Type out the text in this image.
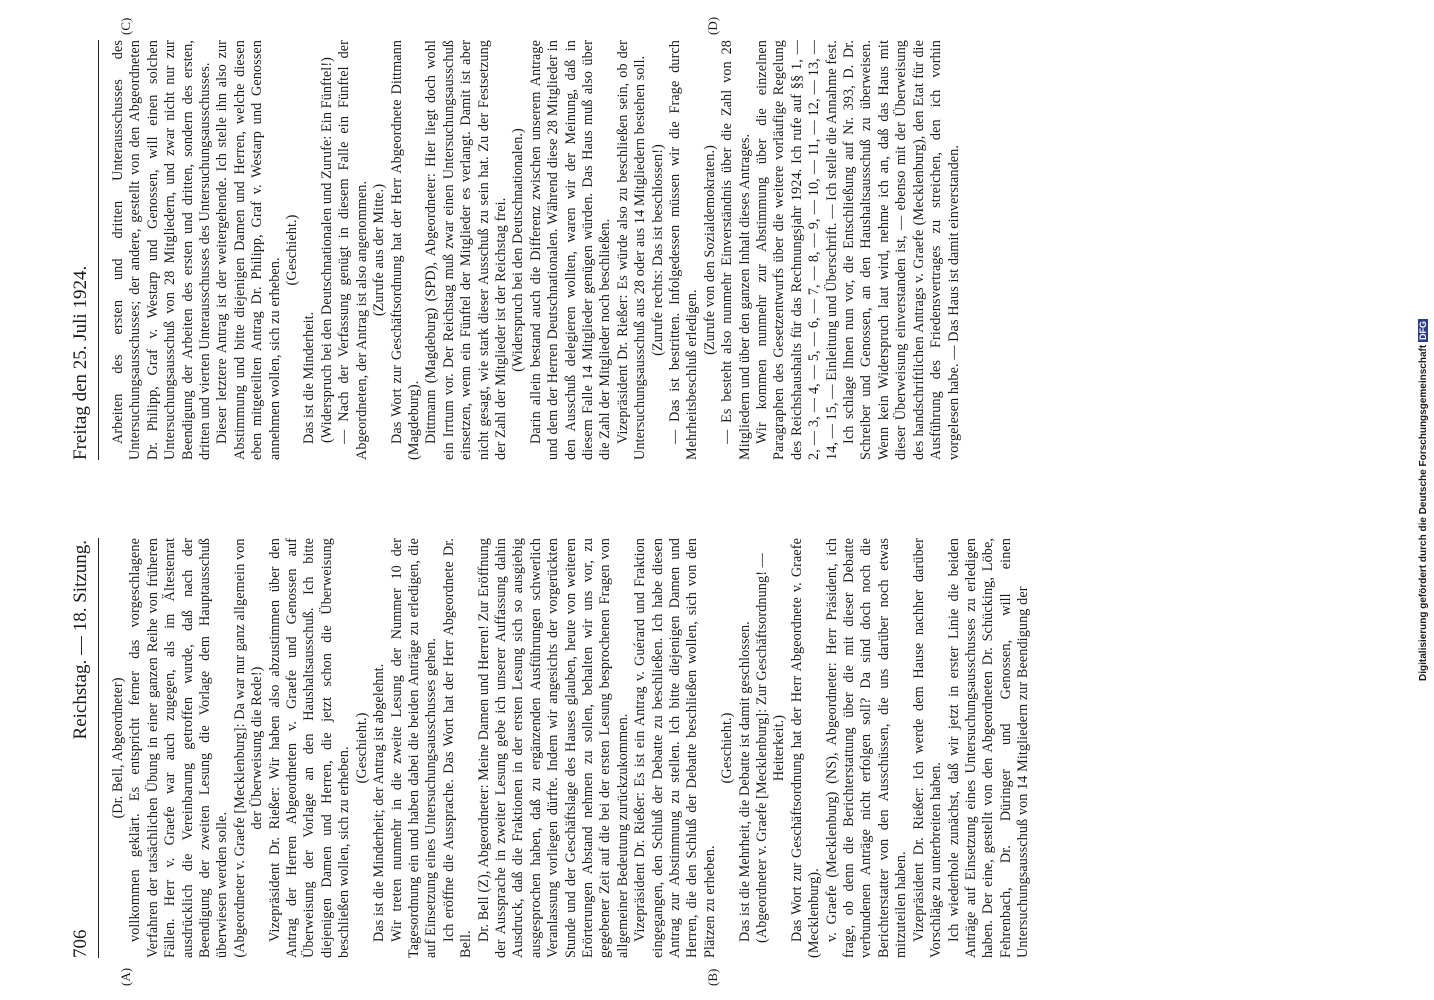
706
Reichstag. — 18. Sitzung.
Freitag den 25. Juli 1924.
(A)	(B)
(C)	(D)

(Dr. Bell, Abgeordneter) vollkommen geklärt. Es entspricht ferner das vorgeschlagene Verfahren der tatsächlichen Übung in einer ganzen Reihe von früheren Fällen. Herr v. Graefe war auch zugegen, als im Ältestenrat ausdrücklich die Vereinbarung getroffen wurde, daß nach der Beendigung der zweiten Lesung die Vorlage dem Hauptausschuß überwiesen werden solle. (Abgeordneter v. Graefe [Mecklenburg]: Da war nur ganz allgemein von der Überweisung die Rede!) Vizepräsident Dr. Rießer: Wir haben also abzustimmen über den Antrag der Herren Abgeordneten v. Graefe und Genossen auf Überweisung der Vorlage an den Haushaltsausschuß. Ich bitte diejenigen Damen und Herren, die jetzt schon die Überweisung beschließen wollen, sich zu erheben. (Geschieht.) Das ist die Minderheit; der Antrag ist abgelehnt. Wir treten nunmehr in die zweite Lesung der Nummer 10 der Tagesordnung ein und haben dabei die beiden Anträge zu erledigen, die auf Einsetzung eines Untersuchungsausschusses gehen. Ich eröffne die Aussprache. Das Wort hat der Herr Abgeordnete Dr. Bell.

Dr. Bell (Z), Abgeordneter: Meine Damen und Herren! Zur Eröffnung der Aussprache in zweiter Lesung gebe ich unserer Auffassung dahin Ausdruck, daß die Fraktionen in der ersten Lesung sich so ausgiebig ausgesprochen haben, daß zu ergänzenden Ausführungen schwerlich Veranlassung vorliegen dürfte. Indem wir angesichts der vorgerückten Stunde und der Geschäftslage des Hauses glauben, heute von weiteren Erörterungen Abstand nehmen zu sollen, behalten wir uns vor, zu gegebener Zeit auf die bei der ersten Lesung besprochenen Fragen von allgemeiner Bedeutung zurückzukommen. Vizepräsident Dr. Rießer: Es ist ein Antrag v. Guérard und Fraktion eingegangen, den Schluß der Debatte zu beschließen. Ich habe diesen Antrag zur Abstimmung zu stellen. Ich bitte diejenigen Damen und Herren, die den Schluß der Debatte beschließen wollen, sich von den Plätzen zu erheben.

(Geschieht.) Das ist die Mehrheit, die Debatte ist damit geschlossen. (Abgeordneter v. Graefe [Mecklenburg]: Zur Geschäftsordnung! — Heiterkeit.) Das Wort zur Geschäftsordnung hat der Herr Abgeordnete v. Graefe (Mecklenburg). v. Graefe (Mecklenburg) (NS), Abgeordneter: Herr Präsident, ich frage, ob denn die Berichterstattung über die mit dieser Debatte verbundenen Anträge nicht erfolgen soll? Da sind doch noch die Berichterstatter von den Ausschüssen, die uns darüber noch etwas mitzuteilen haben. Vizepräsident Dr. Rießer: Ich werde dem Hause nachher darüber Vorschläge zu unterbreiten haben. Ich wiederhole zunächst, daß wir jetzt in erster Linie die beiden Anträge auf Einsetzung eines Untersuchungsausschusses zu erledigen haben. Der eine, gestellt von den Abgeordneten Dr. Schücking, Löbe, Fehrenbach, Dr. Düringer und Genossen, will einen Untersuchungsausschuß von 14 Mitgliedern zur Beendigung der

Arbeiten des ersten und dritten Unterausschusses des Untersuchungsausschusses; der andere, gestellt von den Abgeordneten Dr. Philipp, Graf v. Westarp und Genossen, will einen solchen Untersuchungsausschuß von 28 Mitgliedern, und zwar nicht nur zur Beendigung der Arbeiten des ersten und dritten, sondern des ersten, dritten und vierten Unterausschusses des Untersuchungsausschusses. Dieser letztere Antrag ist der weitergehende. Ich stelle ihn also zur Abstimmung und bitte diejenigen Damen und Herren, welche diesen eben mitgeteilten Antrag Dr. Philipp, Graf v. Westarp und Genossen annehmen wollen, sich zu erheben.

(Geschieht.)

Das ist die Minderheit. (Widerspruch bei den Deutschnationalen und Zurufe: Ein Fünftel!) — Nach der Verfassung genügt in diesem Falle ein Fünftel der Abgeordneten, der Antrag ist also angenommen. (Zurufe aus der Mitte.) Das Wort zur Geschäftsordnung hat der Herr Abgeordnete Dittmann (Magdeburg). Dittmann (Magdeburg) (SPD), Abgeordneter: Hier liegt doch wohl ein Irrtum vor. Der Reichstag muß zwar einen Untersuchungsausschuß einsetzen, wenn ein Fünftel der Mitglieder es verlangt. Damit ist aber nicht gesagt, wie stark dieser Ausschuß zu sein hat. Zu der Festsetzung der Zahl der Mitglieder ist der Reichstag frei. (Widerspruch bei den Deutschnationalen.) Darin allein bestand auch die Differenz zwischen unserem Antrage und dem der Herren Deutschnationalen. Während diese 28 Mitglieder in den Ausschuß delegieren wollten, waren wir der Meinung, daß in diesem Falle 14 Mitglieder genügen würden. Das Haus muß also über die Zahl der Mitglieder noch beschließen. Vizepräsident Dr. Rießer: Es würde also zu beschließen sein, ob der Untersuchungsausschuß aus 28 oder aus 14 Mitgliedern bestehen soll. (Zurufe rechts: Das ist beschlossen!) — Das ist bestritten. Infolgedessen müssen wir die Frage durch Mehrheitsbeschluß erledigen.

(Zurufe von den Sozialdemokraten.) — Es besteht also nunmehr Einverständnis über die Zahl von 28 Mitgliedern und über den ganzen Inhalt dieses Antrages. Wir kommen nunmehr zur Abstimmung über die einzelnen Paragraphen des Gesetzentwurfs über die weitere vorläufige Regelung des Reichshaushalts für das Rechnungsjahr 1924. Ich rufe auf §§ 1, — 2, — 3, — 4, — 5, — 6, — 7, — 8, — 9, — 10, — 11, — 12, — 13, — 14, — 15, — Einleitung und Überschrift. — Ich stelle die Annahme fest. Ich schlage Ihnen nun vor, die Entschließung auf Nr. 393, D. Dr. Schreiber und Genossen, an den Haushaltsausschuß zu überweisen. Wenn kein Widerspruch laut wird, nehme ich an, daß das Haus mit dieser Überweisung einverstanden ist, — ebenso mit der Überweisung des handschriftlichen Antrags v. Graefe (Mecklenburg), den Etat für die Ausführung des Friedensvertrages zu streichen, den ich vorhin vorgelesen habe. — Das Haus ist damit einverstanden.

Digitalisierung gefördert durch die Deutsche Forschungsgemeinschaft DFG
